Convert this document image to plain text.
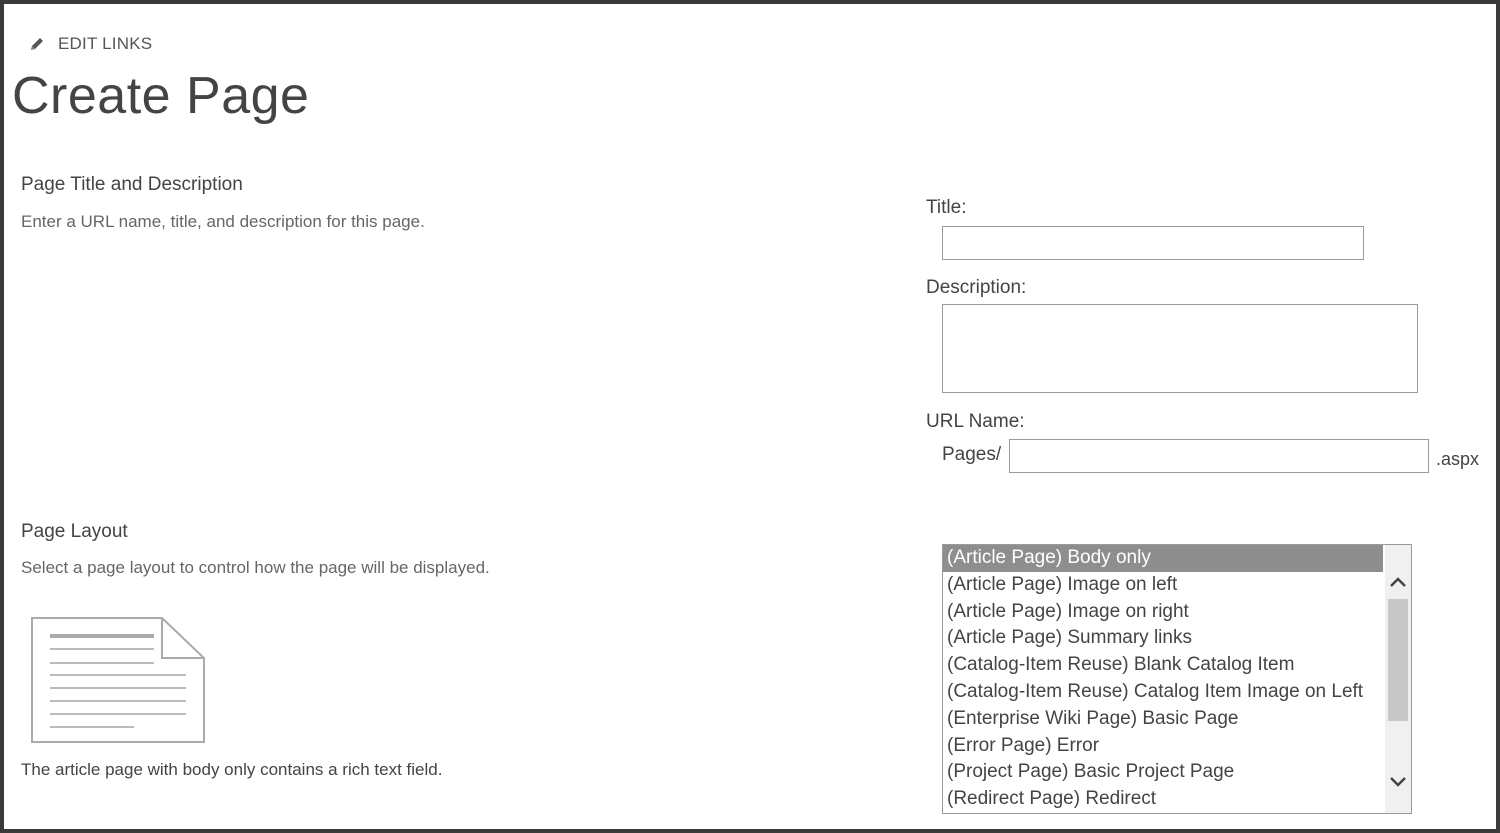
EDIT LINKS
Create Page
Page Title and Description
Enter a URL name, title, and description for this page.
Title:
Description:
URL Name:
Pages/	.aspx
Page Layout
Select a page layout to control how the page will be displayed.
The article page with body only contains a rich text field.
(Article Page) Body only
(Article Page) Image on left
(Article Page) Image on right
(Article Page) Summary links
(Catalog-Item Reuse) Blank Catalog Item
(Catalog-Item Reuse) Catalog Item Image on Left
(Enterprise Wiki Page) Basic Page
(Error Page) Error
(Project Page) Basic Project Page
(Redirect Page) Redirect
